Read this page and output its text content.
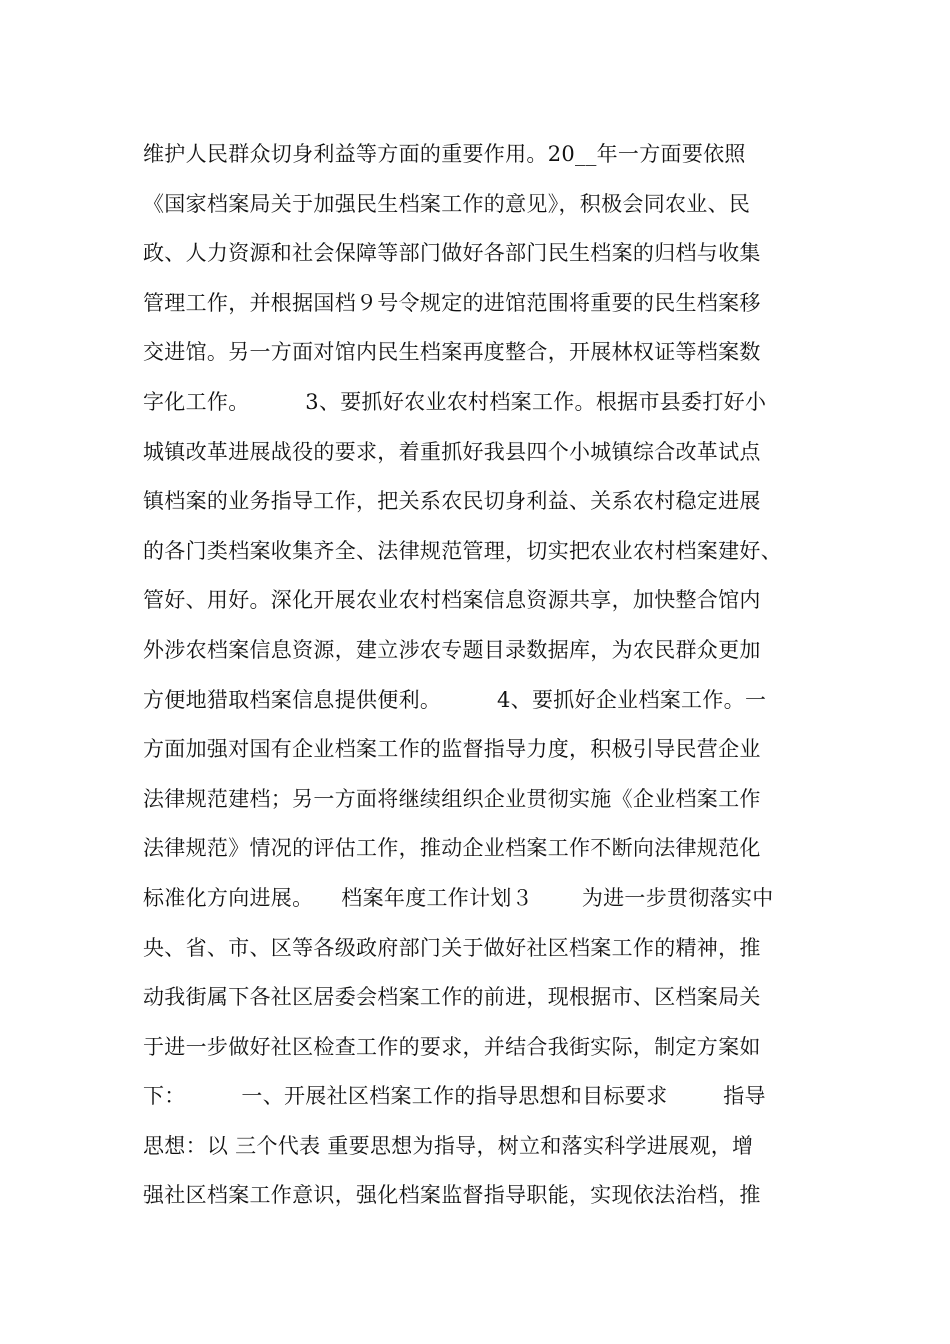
维护人民群众切身利益等方面的重要作用。20__年一方面要依照
《国家档案局关于加强民生档案工作的意见》，积极会同农业、民
政、人力资源和社会保障等部门做好各部门民生档案的归档与收集
管理工作，并根据国档９号令规定的进馆范围将重要的民生档案移
交进馆。另一方面对馆内民生档案再度整合，开展林权证等档案数
字化工作。        3、要抓好农业农村档案工作。根据市县委打好小
城镇改革进展战役的要求，着重抓好我县四个小城镇综合改革试点
镇档案的业务指导工作，把关系农民切身利益、关系农村稳定进展
的各门类档案收集齐全、法律规范管理，切实把农业农村档案建好、
管好、用好。深化开展农业农村档案信息资源共享，加快整合馆内
外涉农档案信息资源，建立涉农专题目录数据库，为农民群众更加
方便地猎取档案信息提供便利。        4、要抓好企业档案工作。一
方面加强对国有企业档案工作的监督指导力度，积极引导民营企业
法律规范建档；另一方面将继续组织企业贯彻实施《企业档案工作
法律规范》情况的评估工作，推动企业档案工作不断向法律规范化
标准化方向进展。    档案年度工作计划３       为进一步贯彻落实中
央、省、市、区等各级政府部门关于做好社区档案工作的精神，推
动我街属下各社区居委会档案工作的前进，现根据市、区档案局关
于进一步做好社区检查工作的要求，并结合我街实际，制定方案如
下：        一、开展社区档案工作的指导思想和目标要求        指导
思想：以 三个代表 重要思想为指导，树立和落实科学进展观，增
强社区档案工作意识，强化档案监督指导职能，实现依法治档，推
